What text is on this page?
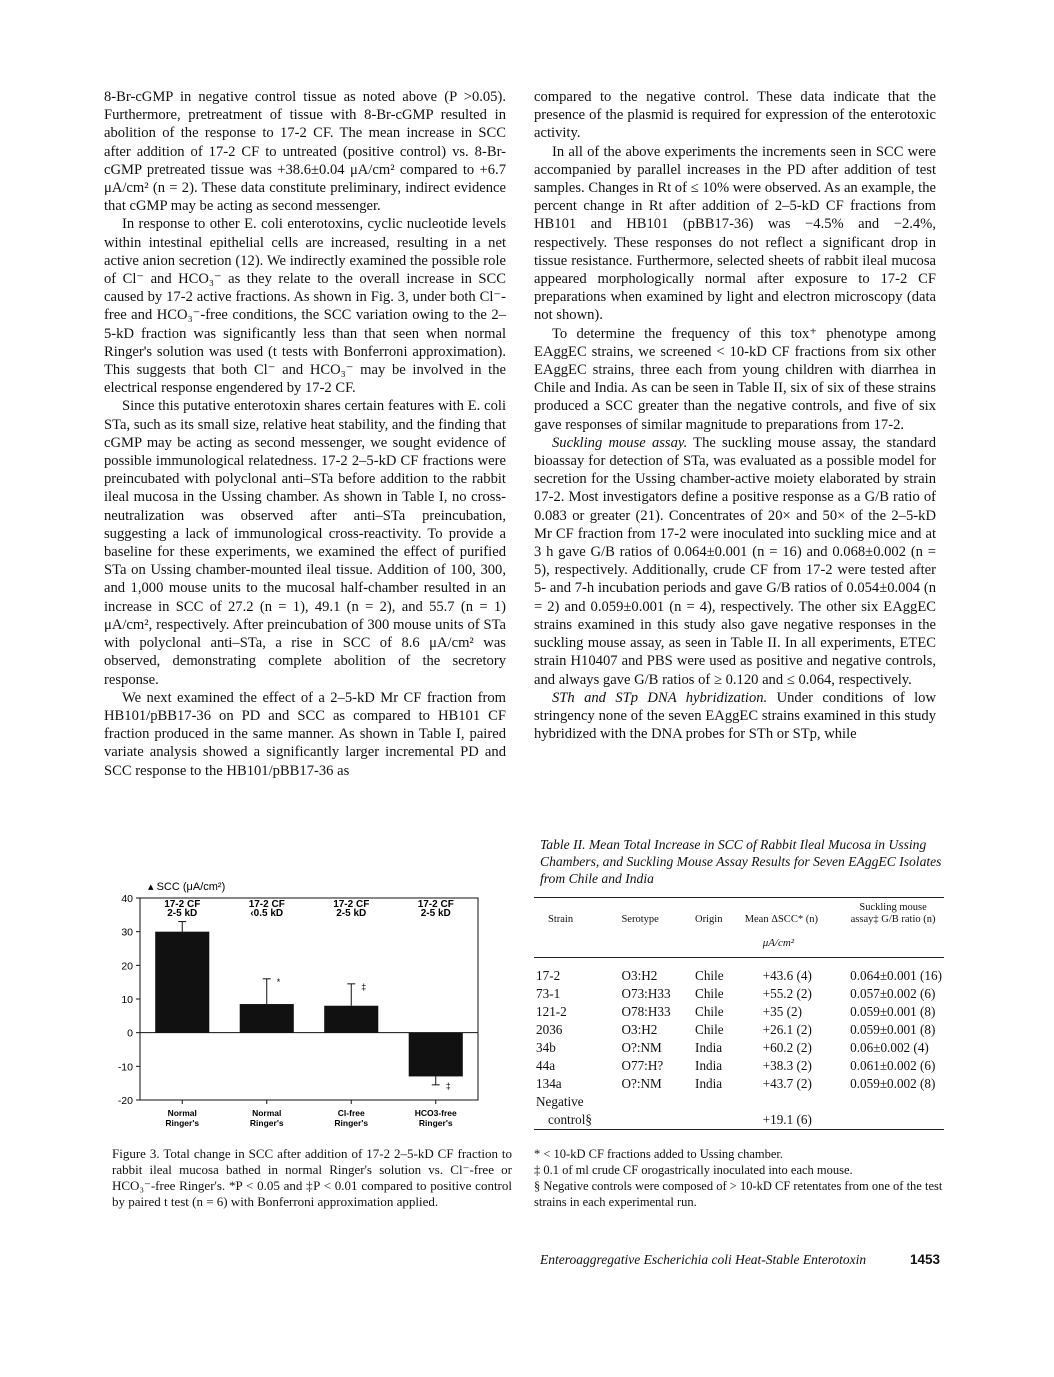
8-Br-cGMP in negative control tissue as noted above (P >0.05). Furthermore, pretreatment of tissue with 8-Br-cGMP resulted in abolition of the response to 17-2 CF. The mean increase in SCC after addition of 17-2 CF to untreated (positive control) vs. 8-Br-cGMP pretreated tissue was +38.6±0.04 μA/cm² compared to +6.7 μA/cm² (n = 2). These data constitute preliminary, indirect evidence that cGMP may be acting as second messenger.

In response to other E. coli enterotoxins, cyclic nucleotide levels within intestinal epithelial cells are increased, resulting in a net active anion secretion (12). We indirectly examined the possible role of Cl⁻ and HCO₃⁻ as they relate to the overall increase in SCC caused by 17-2 active fractions. As shown in Fig. 3, under both Cl⁻-free and HCO₃⁻-free conditions, the SCC variation owing to the 2–5-kD fraction was significantly less than that seen when normal Ringer's solution was used (t tests with Bonferroni approximation). This suggests that both Cl⁻ and HCO₃⁻ may be involved in the electrical response engendered by 17-2 CF.

Since this putative enterotoxin shares certain features with E. coli STa, such as its small size, relative heat stability, and the finding that cGMP may be acting as second messenger, we sought evidence of possible immunological relatedness. 17-2 2–5-kD CF fractions were preincubated with polyclonal anti–STa before addition to the rabbit ileal mucosa in the Ussing chamber. As shown in Table I, no cross-neutralization was observed after anti–STa preincubation, suggesting a lack of immunological cross-reactivity. To provide a baseline for these experiments, we examined the effect of purified STa on Ussing chamber-mounted ileal tissue. Addition of 100, 300, and 1,000 mouse units to the mucosal half-chamber resulted in an increase in SCC of 27.2 (n = 1), 49.1 (n = 2), and 55.7 (n = 1) μA/cm², respectively. After preincubation of 300 mouse units of STa with polyclonal anti–STa, a rise in SCC of 8.6 μA/cm² was observed, demonstrating complete abolition of the secretory response.

We next examined the effect of a 2–5-kD Mr CF fraction from HB101/pBB17-36 on PD and SCC as compared to HB101 CF fraction produced in the same manner. As shown in Table I, paired variate analysis showed a significantly larger incremental PD and SCC response to the HB101/pBB17-36 as

compared to the negative control. These data indicate that the presence of the plasmid is required for expression of the enterotoxic activity.

In all of the above experiments the increments seen in SCC were accompanied by parallel increases in the PD after addition of test samples. Changes in Rt of ≤ 10% were observed. As an example, the percent change in Rt after addition of 2–5-kD CF fractions from HB101 and HB101 (pBB17-36) was −4.5% and −2.4%, respectively. These responses do not reflect a significant drop in tissue resistance. Furthermore, selected sheets of rabbit ileal mucosa appeared morphologically normal after exposure to 17-2 CF preparations when examined by light and electron microscopy (data not shown).

To determine the frequency of this tox⁺ phenotype among EAggEC strains, we screened < 10-kD CF fractions from six other EAggEC strains, three each from young children with diarrhea in Chile and India. As can be seen in Table II, six of six of these strains produced a SCC greater than the negative controls, and five of six gave responses of similar magnitude to preparations from 17-2.

Suckling mouse assay. The suckling mouse assay, the standard bioassay for detection of STa, was evaluated as a possible model for secretion for the Ussing chamber-active moiety elaborated by strain 17-2. Most investigators define a positive response as a G/B ratio of 0.083 or greater (21). Concentrates of 20× and 50× of the 2–5-kD Mr CF fraction from 17-2 were inoculated into suckling mice and at 3 h gave G/B ratios of 0.064±0.001 (n = 16) and 0.068±0.002 (n = 5), respectively. Additionally, crude CF from 17-2 were tested after 5- and 7-h incubation periods and gave G/B ratios of 0.054±0.004 (n = 2) and 0.059±0.001 (n = 4), respectively. The other six EAggEC strains examined in this study also gave negative responses in the suckling mouse assay, as seen in Table II. In all experiments, ETEC strain H10407 and PBS were used as positive and negative controls, and always gave G/B ratios of ≥ 0.120 and ≤ 0.064, respectively.

STh and STp DNA hybridization. Under conditions of low stringency none of the seven EAggEC strains examined in this study hybridized with the DNA probes for STh or STp, while

▴ SCC (μA/cm²)
40
30
20
10
0
-10
-20
17-2 CF
2-5 kD
Normal
Ringer's
*
17-2 CF
‹0.5 kD
Normal
Ringer's
‡
17-2 CF
2-5 kD
Cl-free
Ringer's
‡
17-2 CF
2-5 kD
HCO3-free
Ringer's
Figure 3. Total change in SCC after addition of 17-2 2–5-kD CF fraction to rabbit ileal mucosa bathed in normal Ringer's solution vs. Cl⁻-free or HCO₃⁻-free Ringer's. *P < 0.05 and ‡P < 0.01 compared to positive control by paired t test (n = 6) with Bonferroni approximation applied.
Table II. Mean Total Increase in SCC of Rabbit Ileal Mucosa in Ussing Chambers, and Suckling Mouse Assay Results for Seven EAggEC Isolates from Chile and India
Strain	Serotype	Origin	Mean ΔSCC* (n)	Suckling mouse assay‡ G/B ratio (n)
			μA/cm²	
17-2	O3:H2	Chile	+43.6 (4)	0.064±0.001 (16)
73-1	O73:H33	Chile	+55.2 (2)	0.057±0.002 (6)
121-2	O78:H33	Chile	+35 (2)	0.059±0.001 (8)
2036	O3:H2	Chile	+26.1 (2)	0.059±0.001 (8)
34b	O?:NM	India	+60.2 (2)	0.06±0.002 (4)
44a	O77:H?	India	+38.3 (2)	0.061±0.002 (6)
134a	O?:NM	India	+43.7 (2)	0.059±0.002 (8)
Negative				
control§			+19.1 (6)	

* < 10-kD CF fractions added to Ussing chamber.
‡ 0.1 of ml crude CF orogastrically inoculated into each mouse.
§ Negative controls were composed of > 10-kD CF retentates from one of the test strains in each experimental run.
Enteroaggregative Escherichia coli Heat-Stable Enterotoxin	1453
